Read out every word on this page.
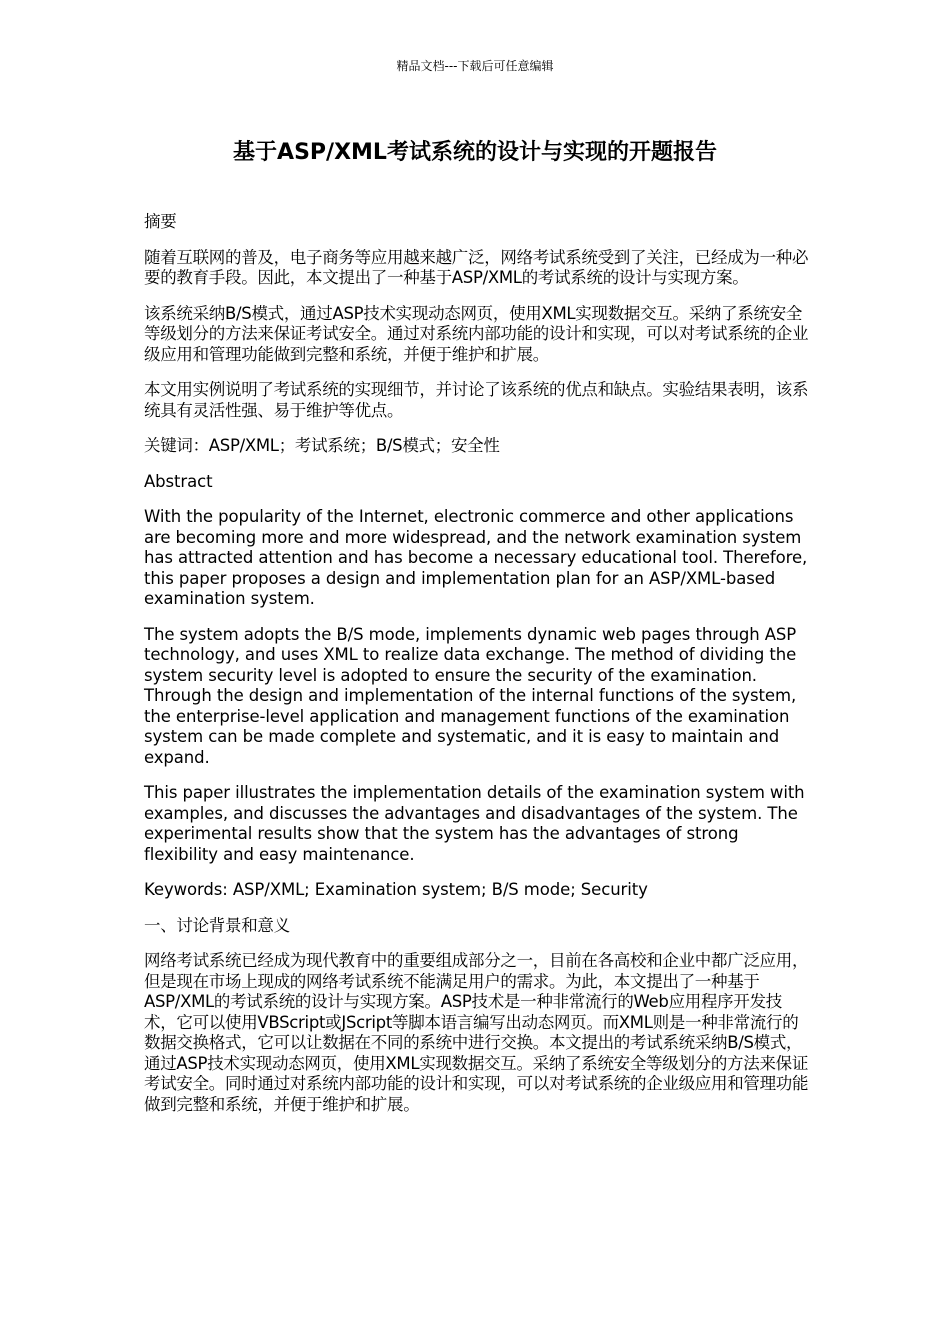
精品文档---下载后可任意编辑
基于ASP/XML考试系统的设计与实现的开题报告

摘要

随着互联网的普及，电子商务等应用越来越广泛，网络考试系统受到了关注，已经成为一种必要的教育手段。因此，本文提出了一种基于ASP/XML的考试系统的设计与实现方案。

该系统采纳B/S模式，通过ASP技术实现动态网页，使用XML实现数据交互。采纳了系统安全等级划分的方法来保证考试安全。通过对系统内部功能的设计和实现，可以对考试系统的企业级应用和管理功能做到完整和系统，并便于维护和扩展。

本文用实例说明了考试系统的实现细节，并讨论了该系统的优点和缺点。实验结果表明，该系统具有灵活性强、易于维护等优点。

关键词：ASP/XML；考试系统；B/S模式；安全性

Abstract

With the popularity of the Internet, electronic commerce and other applications are becoming more and more widespread, and the network examination system has attracted attention and has become a necessary educational tool. Therefore, this paper proposes a design and implementation plan for an ASP/XML-based examination system.

The system adopts the B/S mode, implements dynamic web pages through ASP technology, and uses XML to realize data exchange. The method of dividing the system security level is adopted to ensure the security of the examination. Through the design and implementation of the internal functions of the system, the enterprise-level application and management functions of the examination system can be made complete and systematic, and it is easy to maintain and expand.

This paper illustrates the implementation details of the examination system with examples, and discusses the advantages and disadvantages of the system. The experimental results show that the system has the advantages of strong flexibility and easy maintenance.

Keywords: ASP/XML; Examination system; B/S mode; Security

一、讨论背景和意义

网络考试系统已经成为现代教育中的重要组成部分之一，目前在各高校和企业中都广泛应用，但是现在市场上现成的网络考试系统不能满足用户的需求。为此，本文提出了一种基于ASP/XML的考试系统的设计与实现方案。ASP技术是一种非常流行的Web应用程序开发技术，它可以使用VBScript或JScript等脚本语言编写出动态网页。而XML则是一种非常流行的数据交换格式，它可以让数据在不同的系统中进行交换。本文提出的考试系统采纳B/S模式，通过ASP技术实现动态网页，使用XML实现数据交互。采纳了系统安全等级划分的方法来保证考试安全。同时通过对系统内部功能的设计和实现，可以对考试系统的企业级应用和管理功能做到完整和系统，并便于维护和扩展。
